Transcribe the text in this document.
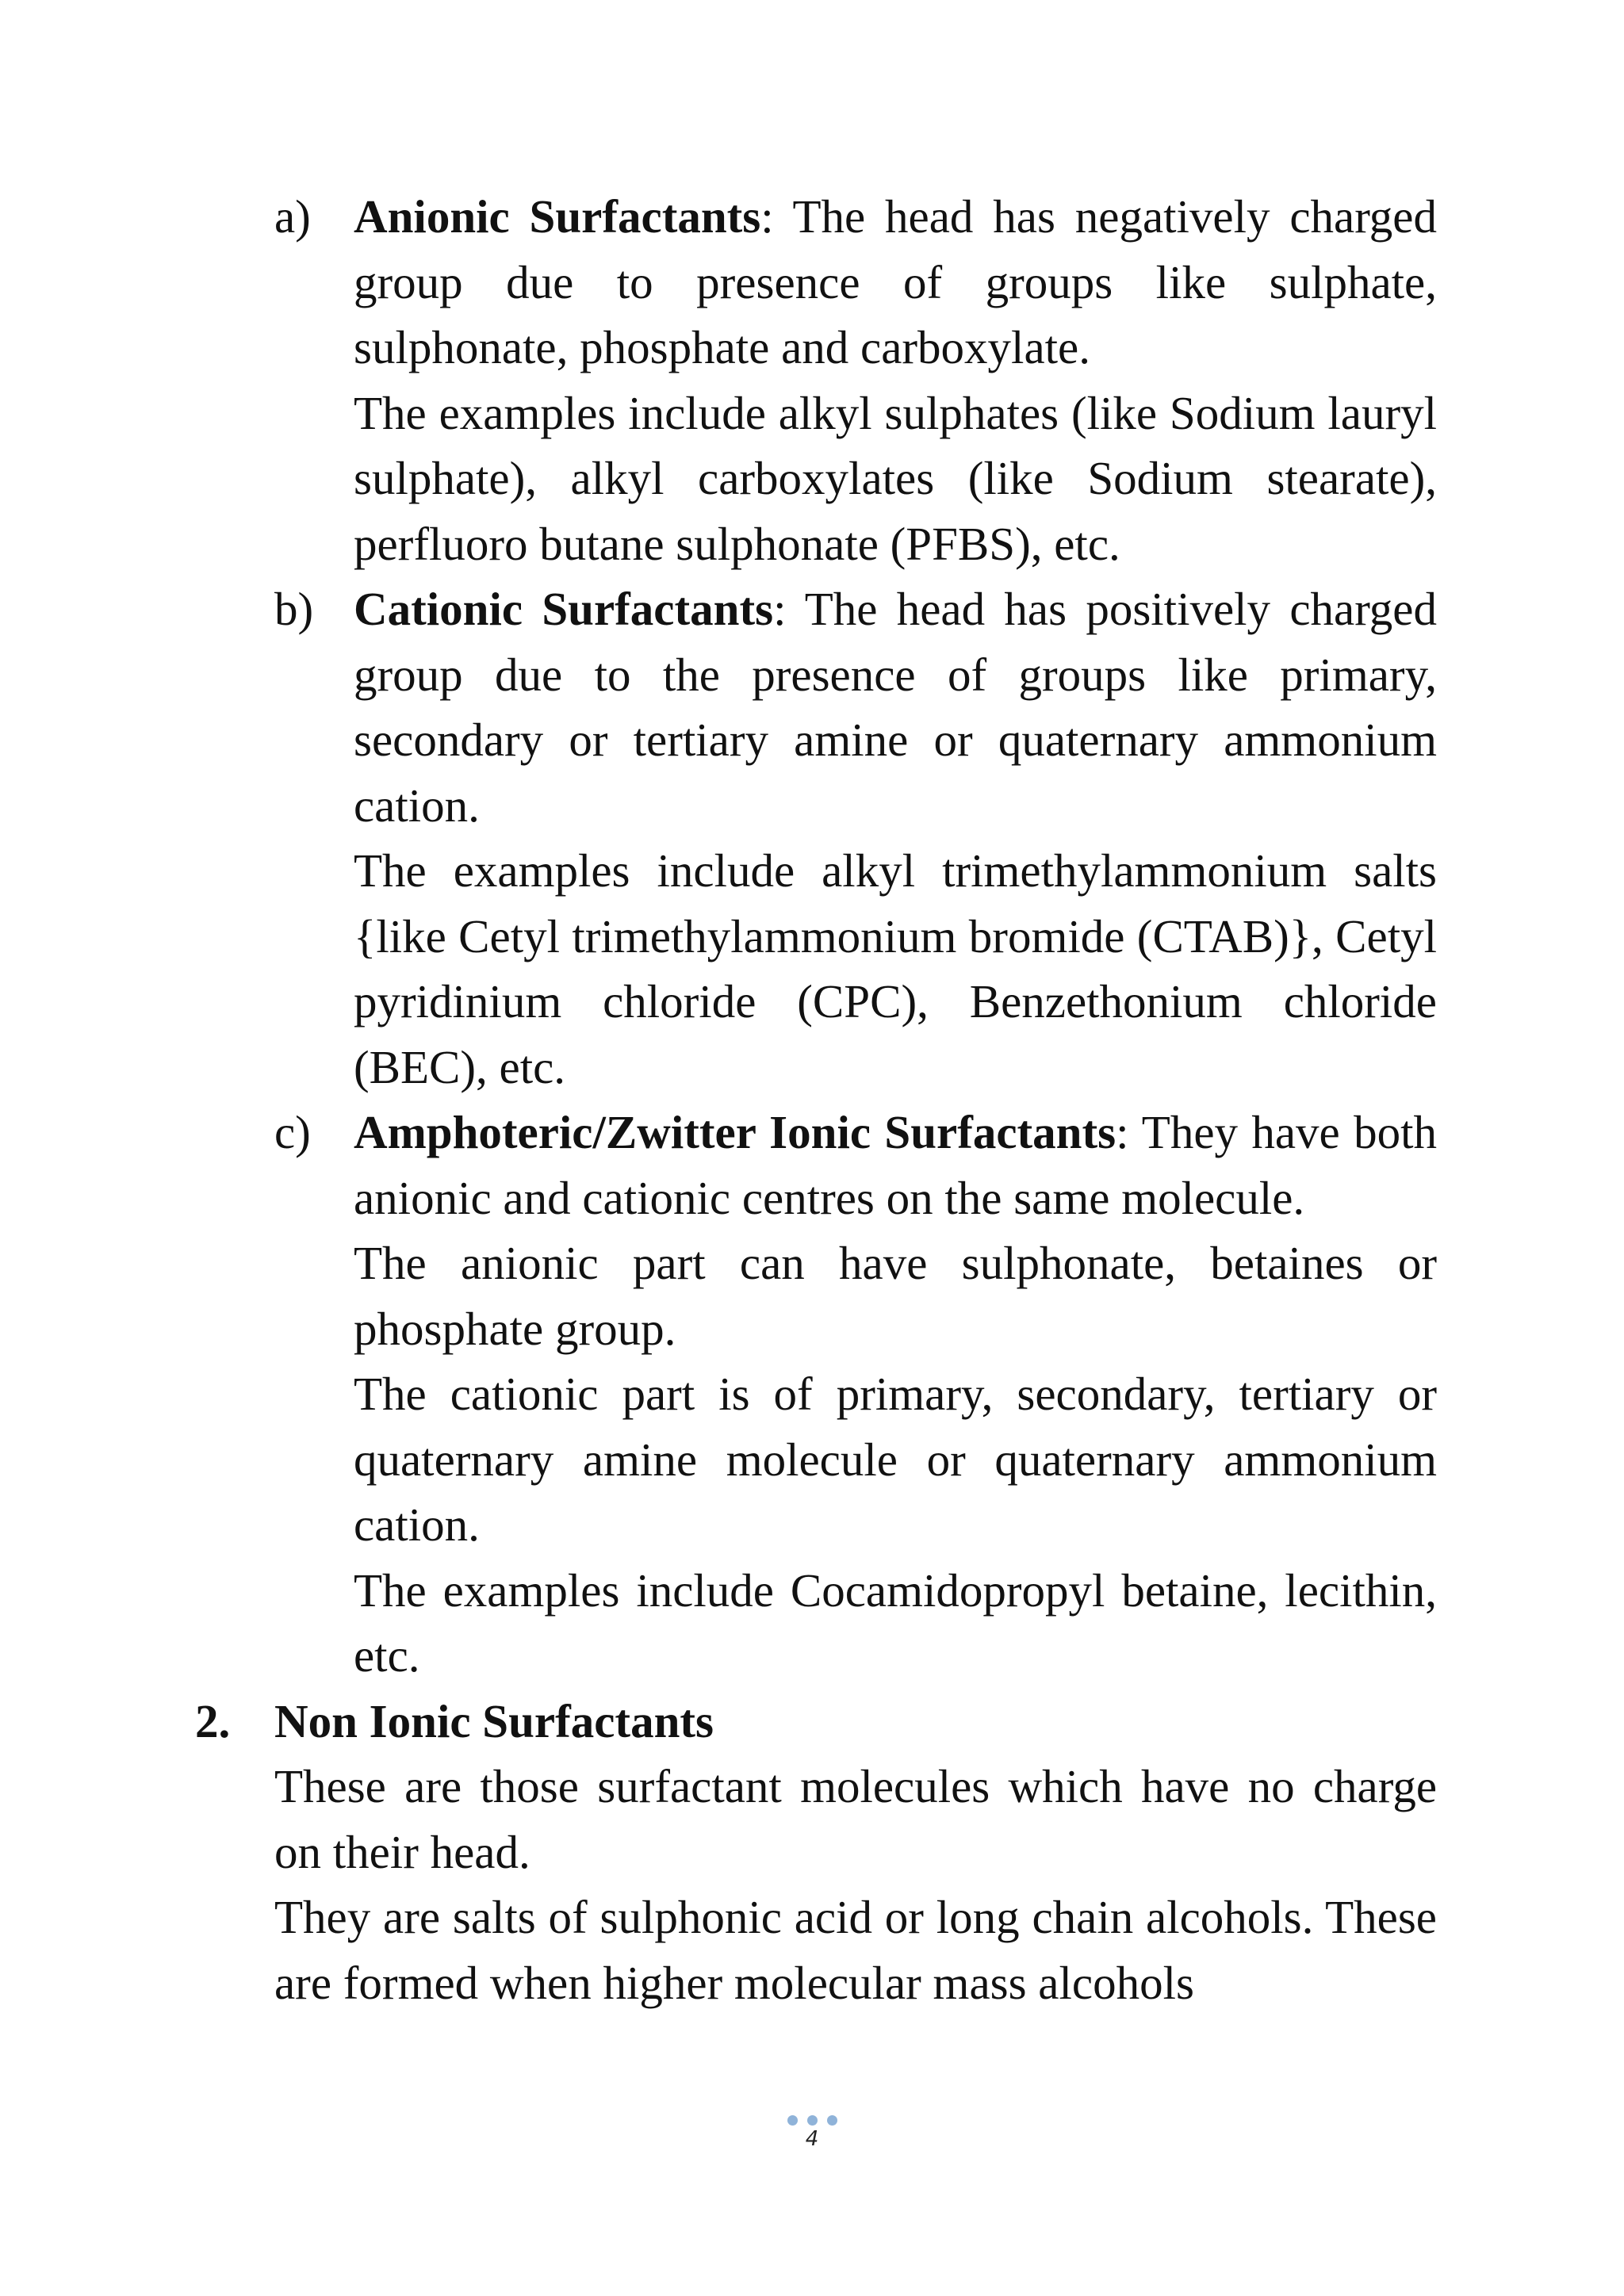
a) Anionic Surfactants: The head has negatively charged group due to presence of groups like sulphate, sulphonate, phosphate and carboxylate.
The examples include alkyl sulphates (like Sodium lauryl sulphate), alkyl carboxylates (like Sodium stearate), perfluoro butane sulphonate (PFBS), etc.
b) Cationic Surfactants: The head has positively charged group due to the presence of groups like primary, secondary or tertiary amine or quaternary ammonium cation.
The examples include alkyl trimethylammonium salts {like Cetyl trimethylammonium bromide (CTAB)}, Cetyl pyridinium chloride (CPC), Benzethonium chloride (BEC), etc.
c) Amphoteric/Zwitter Ionic Surfactants: They have both anionic and cationic centres on the same molecule.
The anionic part can have sulphonate, betaines or phosphate group.
The cationic part is of primary, secondary, tertiary or quaternary amine molecule or quaternary ammonium cation.
The examples include Cocamidopropyl betaine, lecithin, etc.
2. Non Ionic Surfactants
These are those surfactant molecules which have no charge on their head.
They are salts of sulphonic acid or long chain alcohols. These are formed when higher molecular mass alcohols
4
